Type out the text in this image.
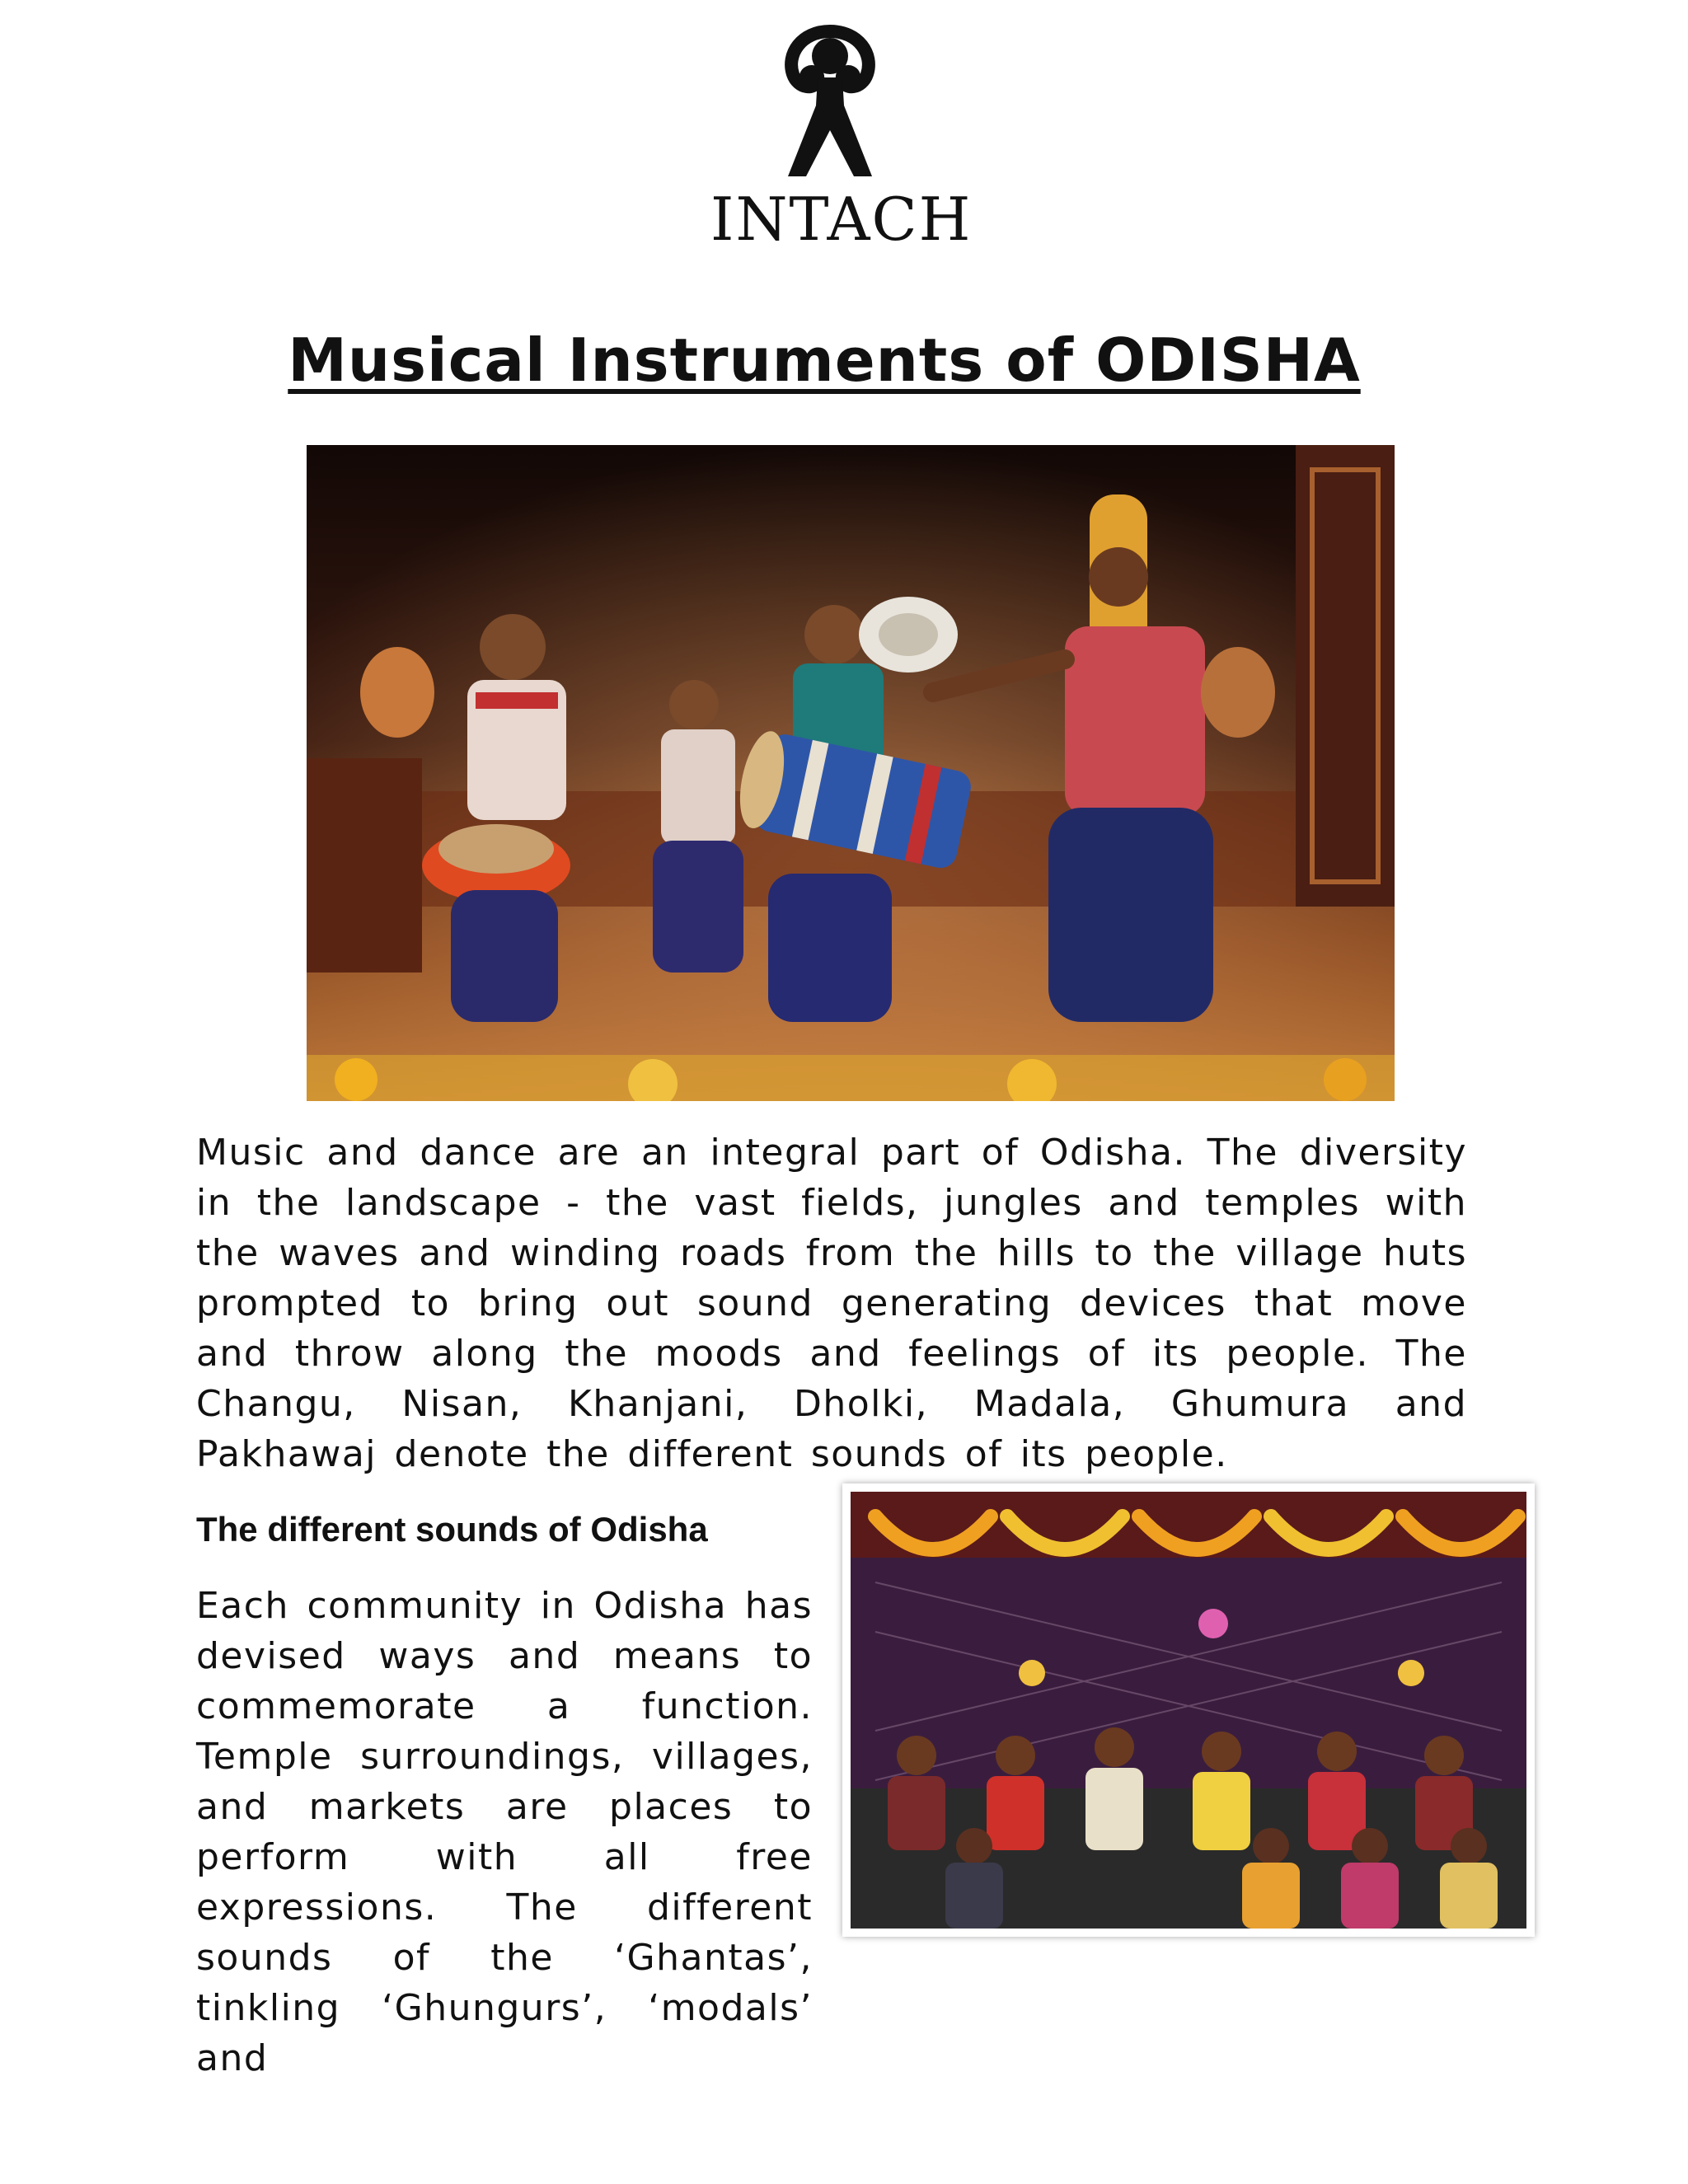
INTACH
Musical Instruments of ODISHA

Music and dance are an integral part of Odisha. The diversity in the landscape - the vast fields, jungles and temples with the waves and winding roads from the hills to the village huts prompted to bring out sound generating devices that move and throw along the moods and feelings of its people. The Changu, Nisan, Khanjani, Dholki, Madala, Ghumura and Pakhawaj denote the different sounds of its people.

The different sounds of Odisha
Each community in Odisha has
devised ways and means to
commemorate a function.
Temple surroundings, villages,
and markets are places to
perform with all free
expressions. The different
sounds of the ‘Ghantas’,
tinkling ‘Ghungurs’, ‘modals’
and
